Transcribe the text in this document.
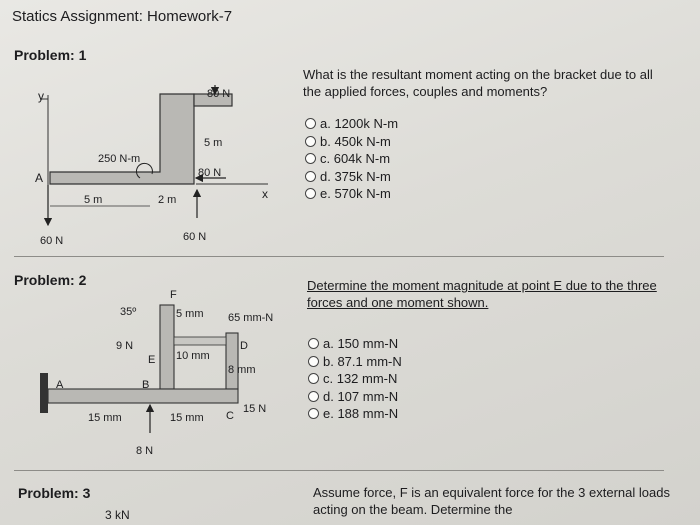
Statics Assignment: Homework-7
Problem: 1
y
x
A
80 N
80 N
5 m
60 N	60 N
250 N-m
5 m	2 m
What is the resultant moment acting on the bracket due to all the applied forces, couples and moments?
a. 1200k N-m
b. 450k N-m
c. 604k N-m
d. 375k N-m
e. 570k N-m
Problem: 2
F
35º	5 mm 65 mm-N
9 N
E 10 mm
D
8 mm
A	B
C
15 N
15 mm	15 mm
8 N
Determine the moment magnitude at point E due to the three forces and one moment shown.
a. 150 mm-N
b. 87.1 mm-N
c. 132 mm-N
d. 107 mm-N
e. 188 mm-N
Problem: 3
3 kN
Assume force, F is an equivalent force for the 3 external loads acting on the beam. Determine the
